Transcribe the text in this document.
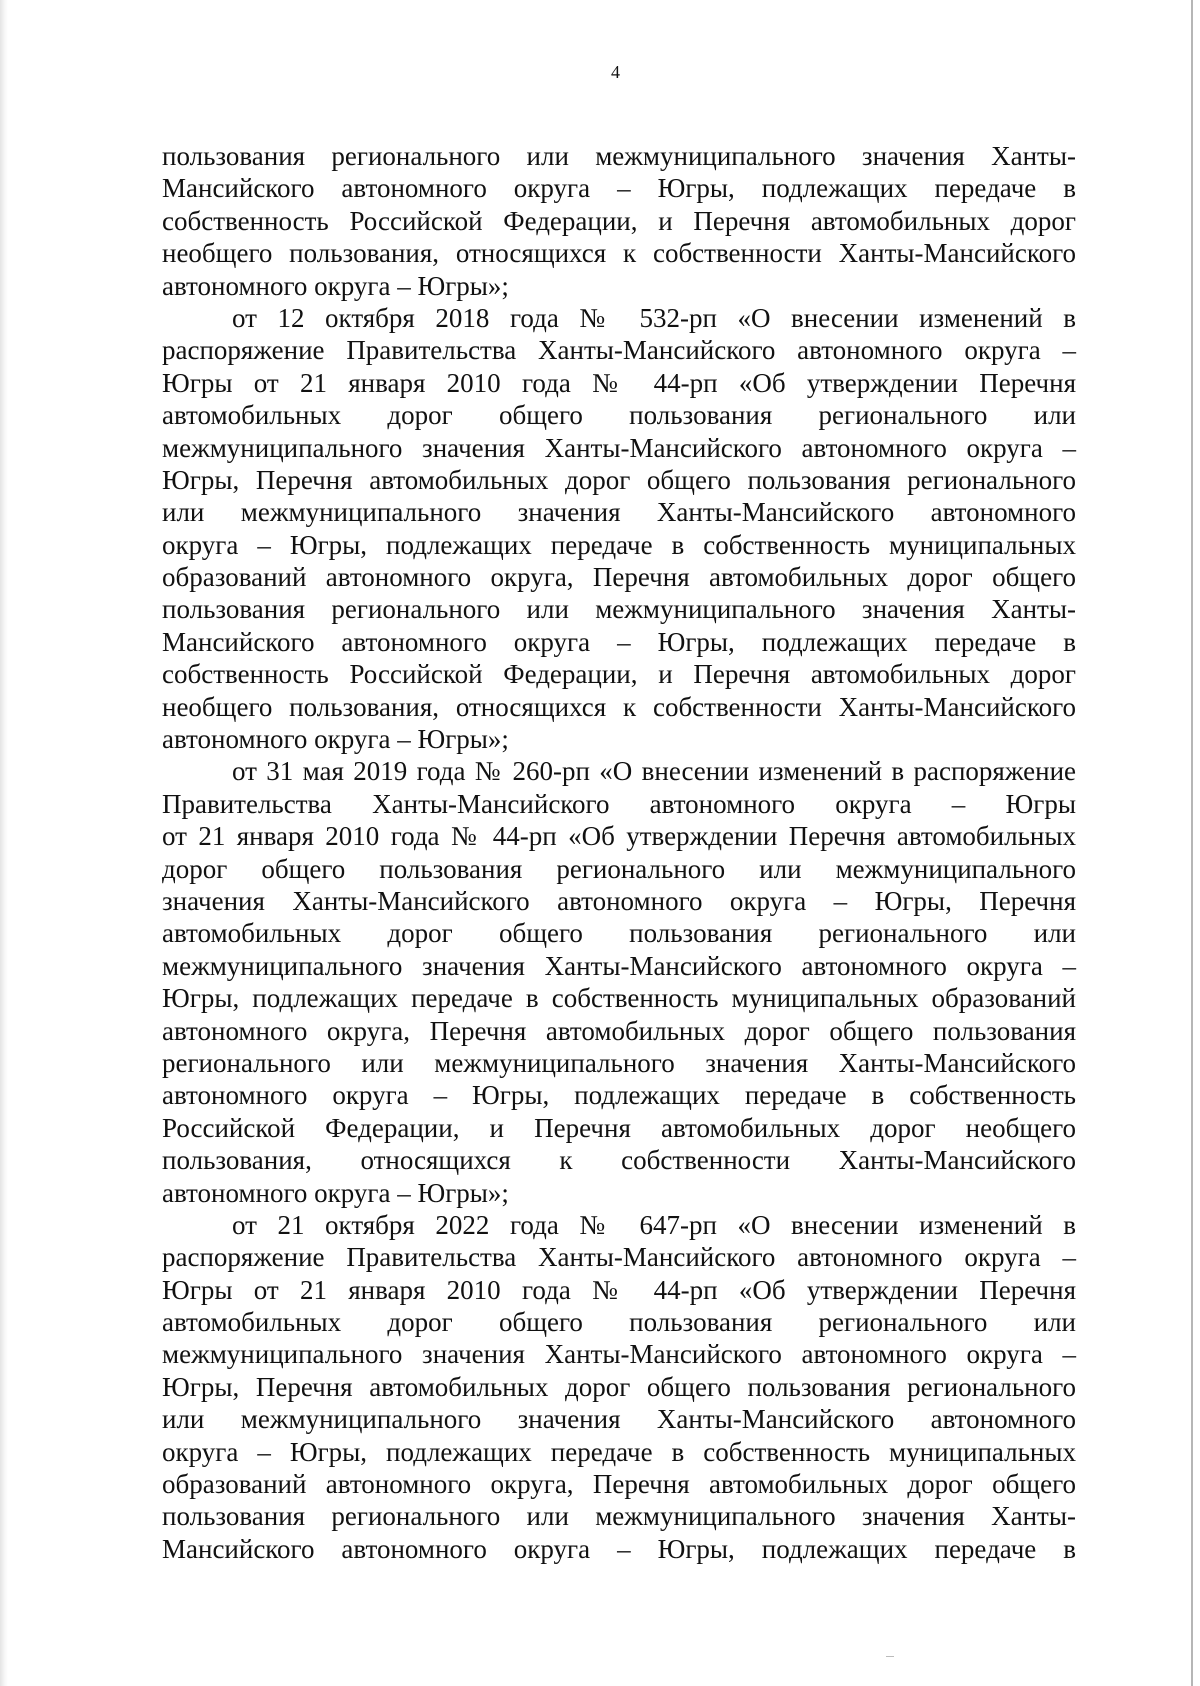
4
пользования регионального или межмуниципального значения Ханты-
Мансийского автономного округа – Югры, подлежащих передаче в
собственность Российской Федерации, и Перечня автомобильных дорог
необщего пользования, относящихся к собственности Ханты-Мансийского
автономного округа – Югры»;
от 12 октября 2018 года № 532-рп «О внесении изменений в
распоряжение Правительства Ханты-Мансийского автономного округа –
Югры от 21 января 2010 года № 44-рп «Об утверждении Перечня
автомобильных дорог общего пользования регионального или
межмуниципального значения Ханты-Мансийского автономного округа –
Югры, Перечня автомобильных дорог общего пользования регионального
или межмуниципального значения Ханты-Мансийского автономного
округа – Югры, подлежащих передаче в собственность муниципальных
образований автономного округа, Перечня автомобильных дорог общего
пользования регионального или межмуниципального значения Ханты-
Мансийского автономного округа – Югры, подлежащих передаче в
собственность Российской Федерации, и Перечня автомобильных дорог
необщего пользования, относящихся к собственности Ханты-Мансийского
автономного округа – Югры»;
от 31 мая 2019 года № 260-рп «О внесении изменений в распоряжение
Правительства Ханты-Мансийского автономного округа – Югры
от 21 января 2010 года № 44-рп «Об утверждении Перечня автомобильных
дорог общего пользования регионального или межмуниципального
значения Ханты-Мансийского автономного округа – Югры, Перечня
автомобильных дорог общего пользования регионального или
межмуниципального значения Ханты-Мансийского автономного округа –
Югры, подлежащих передаче в собственность муниципальных образований
автономного округа, Перечня автомобильных дорог общего пользования
регионального или межмуниципального значения Ханты-Мансийского
автономного округа – Югры, подлежащих передаче в собственность
Российской Федерации, и Перечня автомобильных дорог необщего
пользования, относящихся к собственности Ханты-Мансийского
автономного округа – Югры»;
от 21 октября 2022 года № 647-рп «О внесении изменений в
распоряжение Правительства Ханты-Мансийского автономного округа –
Югры от 21 января 2010 года № 44-рп «Об утверждении Перечня
автомобильных дорог общего пользования регионального или
межмуниципального значения Ханты-Мансийского автономного округа –
Югры, Перечня автомобильных дорог общего пользования регионального
или межмуниципального значения Ханты-Мансийского автономного
округа – Югры, подлежащих передаче в собственность муниципальных
образований автономного округа, Перечня автомобильных дорог общего
пользования регионального или межмуниципального значения Ханты-
Мансийского автономного округа – Югры, подлежащих передаче в
